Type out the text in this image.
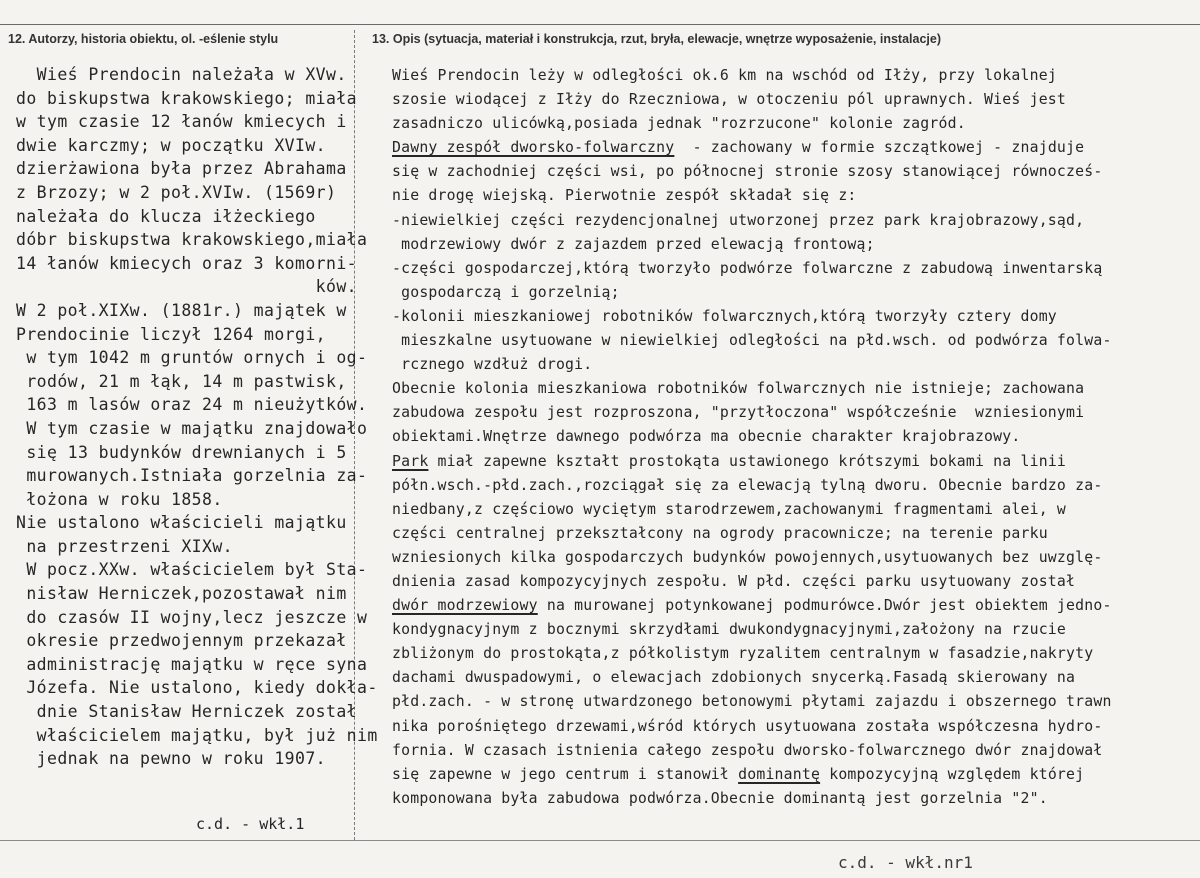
12. Autorzy, historia obiektu, ol. ‑eślenie stylu	13. Opis (sytuacja, materiał i konstrukcja, rzut, bryła, elewacje, wnętrze wyposażenie, instalacje)
Wieś Prendocin należała w XVw.
do biskupstwa krakowskiego; miała
w tym czasie 12 łanów kmiecych i
dwie karczmy; w początku XVIw.
dzierżawiona była przez Abrahama
z Brzozy; w 2 poł.XVIw. (1569r)
należała do klucza iłżeckiego
dóbr biskupstwa krakowskiego,miała
14 łanów kmiecych oraz 3 komorni-
ków.
W 2 poł.XIXw. (1881r.) majątek w
Prendocinie liczył 1264 morgi,
w tym 1042 m gruntów ornych i og-
rodów, 21 m łąk, 14 m pastwisk,
163 m lasów oraz 24 m nieużytków.
W tym czasie w majątku znajdowało
się 13 budynków drewnianych i 5
murowanych.Istniała gorzelnia za-
łożona w roku 1858.
Nie ustalono właścicieli majątku
na przestrzeni XIXw.
W pocz.XXw. właścicielem był Sta-
nisław Herniczek,pozostawał nim
do czasów II wojny,lecz jeszcze w
okresie przedwojennym przekazał
administrację majątku w ręce syna
Józefa. Nie ustalono, kiedy dokła-
dnie Stanisław Herniczek został
właścicielem majątku, był już nim
jednak na pewno w roku 1907.
c.d. - wkł.1
Wieś Prendocin leży w odległości ok.6 km na wschód od Iłży, przy lokalnej
szosie wiodącej z Iłży do Rzeczniowa, w otoczeniu pól uprawnych. Wieś jest
zasadniczo ulicówką,posiada jednak "rozrzucone" kolonie zagród.
Dawny zespół dworsko-folwarczny  - zachowany w formie szczątkowej - znajduje
się w zachodniej części wsi, po północnej stronie szosy stanowiącej równocześ-
nie drogę wiejską. Pierwotnie zespół składał się z:
-niewielkiej części rezydencjonalnej utworzonej przez park krajobrazowy,sąd,
modrzewiowy dwór z zajazdem przed elewacją frontową;
-części gospodarczej,którą tworzyło podwórze folwarczne z zabudową inwentarską
gospodarczą i gorzelnią;
-kolonii mieszkaniowej robotników folwarcznych,którą tworzyły cztery domy
mieszkalne usytuowane w niewielkiej odległości na płd.wsch. od podwórza folwa-
rcznego wzdłuż drogi.
Obecnie kolonia mieszkaniowa robotników folwarcznych nie istnieje; zachowana
zabudowa zespołu jest rozproszona, "przytłoczona" współcześnie  wzniesionymi
obiektami.Wnętrze dawnego podwórza ma obecnie charakter krajobrazowy.
Park miał zapewne kształt prostokąta ustawionego krótszymi bokami na linii
półn.wsch.-płd.zach.,rozciągał się za elewacją tylną dworu. Obecnie bardzo za-
niedbany,z częściowo wyciętym starodrzewem,zachowanymi fragmentami alei, w
części centralnej przekształcony na ogrody pracownicze; na terenie parku
wzniesionych kilka gospodarczych budynków powojennych,usytuowanych bez uwzglę-
dnienia zasad kompozycyjnych zespołu. W płd. części parku usytuowany został
dwór modrzewiowy na murowanej potynkowanej podmurówce.Dwór jest obiektem jedno-
kondygnacyjnym z bocznymi skrzydłami dwukondygnacyjnymi,założony na rzucie
zbliżonym do prostokąta,z półkolistym ryzalitem centralnym w fasadzie,nakryty
dachami dwuspadowymi, o elewacjach zdobionych snycerką.Fasadą skierowany na
płd.zach. - w stronę utwardzonego betonowymi płytami zajazdu i obszernego trawn
nika porośniętego drzewami,wśród których usytuowana została współczesna hydro-
fornia. W czasach istnienia całego zespołu dworsko-folwarcznego dwór znajdował
się zapewne w jego centrum i stanowił dominantę kompozycyjną względem której
komponowana była zabudowa podwórza.Obecnie dominantą jest gorzelnia "2".
c.d. - wkł.nr1
